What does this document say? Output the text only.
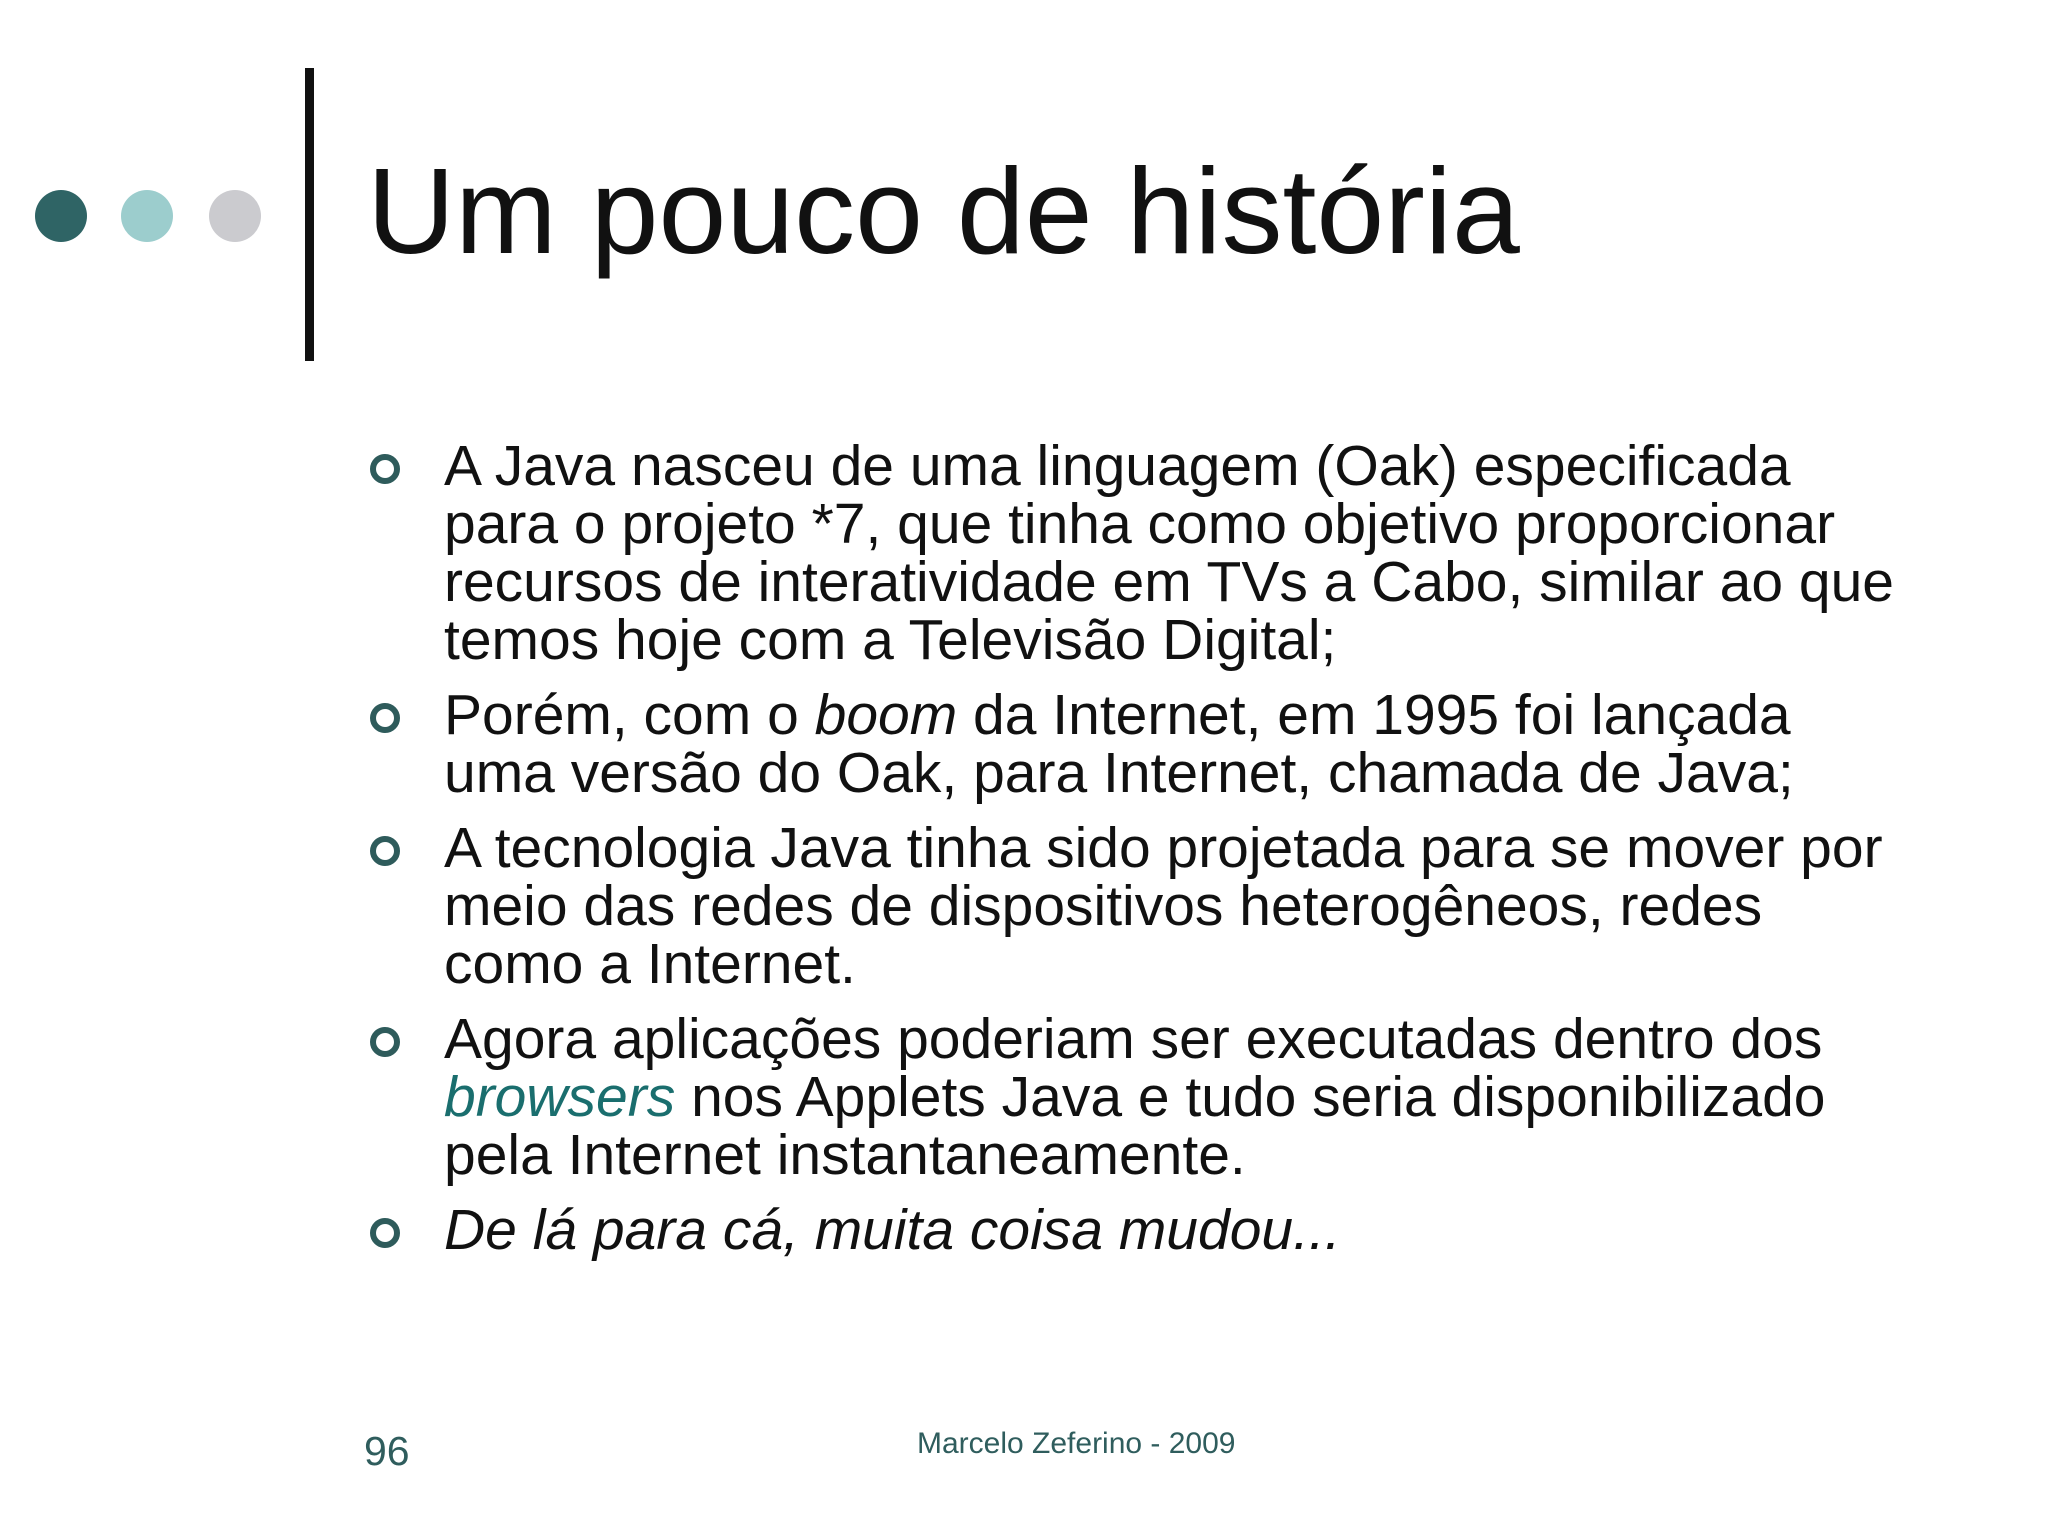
Um pouco de história
A Java nasceu de uma linguagem (Oak) especificada para o projeto *7, que tinha como objetivo proporcionar recursos de interatividade em TVs a Cabo, similar ao que temos hoje com a Televisão Digital;
Porém, com o boom da Internet, em 1995 foi lançada uma versão do Oak, para Internet, chamada de Java;
A tecnologia Java tinha sido projetada para se mover por meio das redes de dispositivos heterogêneos, redes como a Internet.
Agora aplicações poderiam ser executadas dentro dos browsers nos Applets Java e tudo seria disponibilizado pela Internet instantaneamente.
De lá para cá, muita coisa mudou...
96	Marcelo Zeferino - 2009
